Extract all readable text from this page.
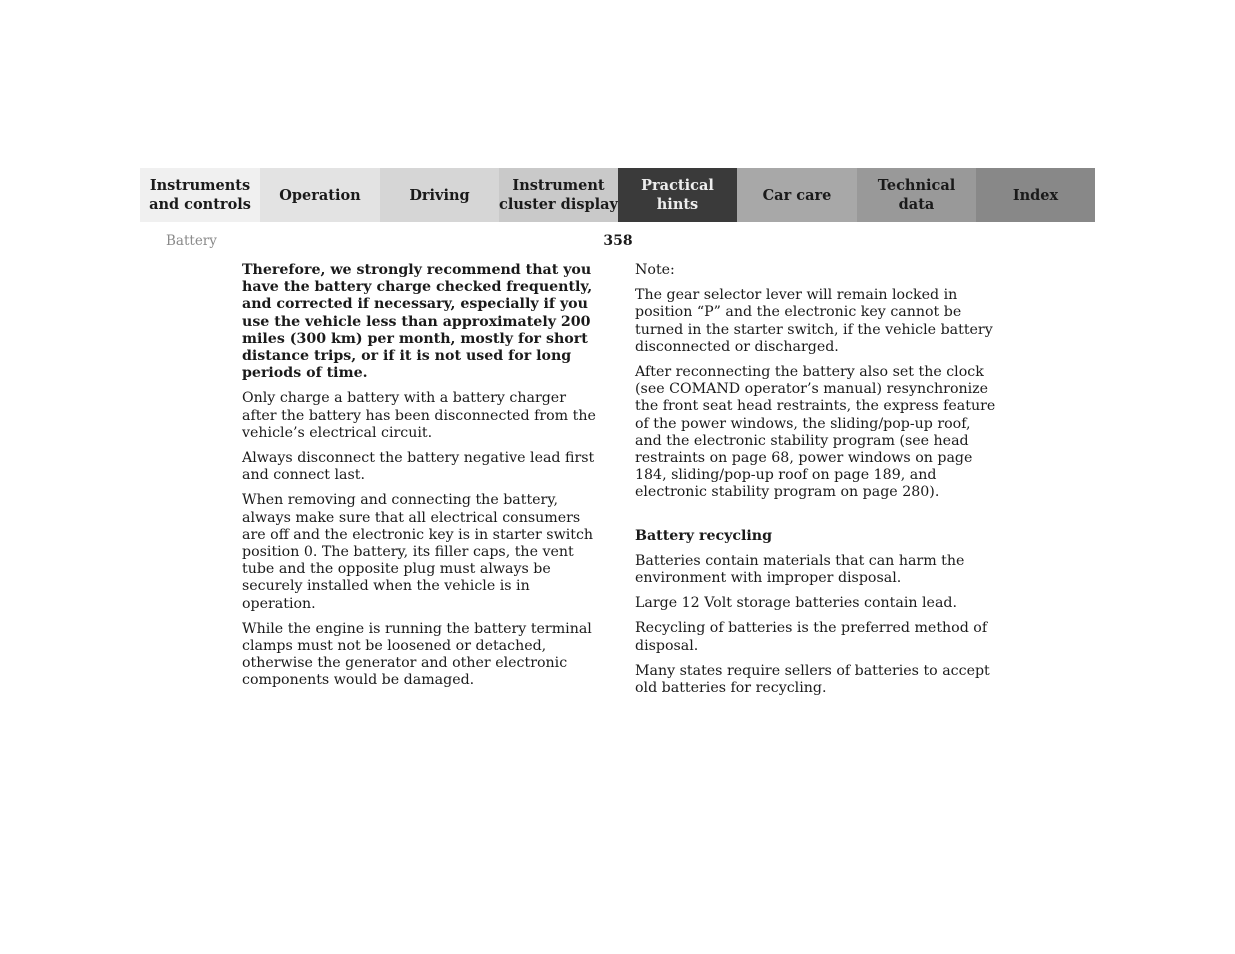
Instruments
and controls
Operation	Driving
Instrument
cluster display
Practical hints
Car care
Technical
data
Index
Battery	358

Therefore, we strongly recommend that you have the battery charge checked frequently, and corrected if necessary, especially if you use the vehicle less than approximately 200 miles (300 km) per month, mostly for short distance trips, or if it is not used for long periods of time.

Only charge a battery with a battery charger after the battery has been disconnected from the vehicle’s electrical circuit.

Always disconnect the battery negative lead first and connect last.

When removing and connecting the battery, always make sure that all electrical consumers are off and the electronic key is in starter switch position 0. The battery, its filler caps, the vent tube and the opposite plug must always be securely installed when the vehicle is in operation.

While the engine is running the battery terminal clamps must not be loosened or detached, otherwise the generator and other electronic components would be damaged.

Note:

The gear selector lever will remain locked in position “P” and the electronic key cannot be turned in the starter switch, if the vehicle battery disconnected or discharged.

After reconnecting the battery also set the clock (see COMAND operator’s manual) resynchronize the front seat head restraints, the express feature of the power windows, the sliding/pop-up roof, and the electronic stability program (see head restraints on page 68, power windows on page 184, sliding/pop-up roof on page 189, and electronic stability program on page 280).

Battery recycling

Batteries contain materials that can harm the environment with improper disposal.

Large 12 Volt storage batteries contain lead.

Recycling of batteries is the preferred method of disposal.

Many states require sellers of batteries to accept old batteries for recycling.
